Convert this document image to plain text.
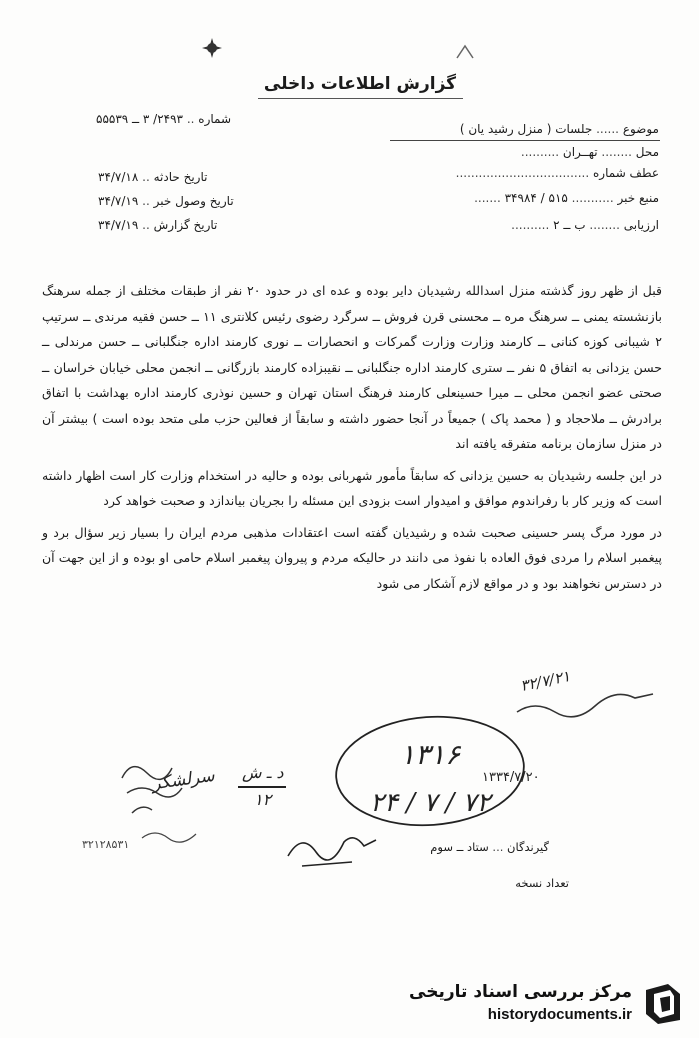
گزارش اطلاعات داخلی
موضوع ...... جلسات ( منزل رشید یان )
محل ........ تهــران ..........
عطف شماره ...................................
منبع خبر ........... ۵۱۵ / ۳۴۹۸۴ .......
ارزیابی ........ ب ــ ۲ ..........
شماره .. ۲۴۹۳/ ۳ ــ ۵۵۵۳۹
تاریخ حادثه .. ۳۴/۷/۱۸
تاریخ وصول خبر .. ۳۴/۷/۱۹
تاریخ گزارش .. ۳۴/۷/۱۹

قبل از ظهر روز گذشته منزل اسدالله رشیدیان دایر بوده و عده ای در حدود ۲۰ نفر از طبقات مختلف از جمله سرهنگ بازنشسته یمنی ــ سرهنگ مره ــ محسنی قرن فروش ــ سرگرد رضوی رئیس کلانتری ۱۱ ــ حسن فقیه مرندی ــ سرتیپ ۲ شیبانی کوزه کنانی ــ کارمند وزارت وزارت گمرکات و انحصارات ــ نوری کارمند اداره جنگلبانی ــ حسن مرندلی ــ حسن یزدانی به اتفاق ۵ نفر ــ ستری کارمند اداره جنگلبانی ــ نقیبزاده کارمند بازرگانی ــ انجمن محلی خیابان خراسان ــ صحتی عضو انجمن محلی ــ میرا حسینعلی کارمند فرهنگ استان تهران و حسین نوذری کارمند اداره بهداشت با اتفاق برادرش ــ ملاحجاد و ( محمد پاک ) جمیعاً در آنجا حضور داشته و سابقاً از فعالین حزب ملی متحد بوده است ) بیشتر آن در منزل سازمان برنامه متفرقه یافته اند

در این جلسه رشیدیان به حسین یزدانی که سابقاً مأمور شهربانی بوده و حالیه در استخدام وزارت کار است اظهار داشته است که وزیر کار با رفراندوم موافق و امیدوار است بزودی این مسئله را بجریان بیاندازد و صحبت خواهد کرد

در مورد مرگ پسر حسینی صحبت شده و رشیدیان گفته است اعتقادات مذهبی مردم ایران را بسیار زیر سؤال برد و پیغمبر اسلام را مردی فوق العاده با نفوذ می دانند در حالیکه مردم و پیروان پیغمبر اسلام حامی او بوده و از این جهت آن در دسترس نخواهند بود و در مواقع لازم آشکار می شود

۳۲/۷/۲۱
۱۳۱۶
د ـ ش
۱۲
سرلشکر	۱۳۳۴/۷/۲۰
۲۴ / ۷ / ۷۲
گیرندگان ... ستاد ــ سوم
تعداد نسخه
۳۲۱۲۸۵۳۱
مرکز بررسی اسناد تاریخی
historydocuments.ir
